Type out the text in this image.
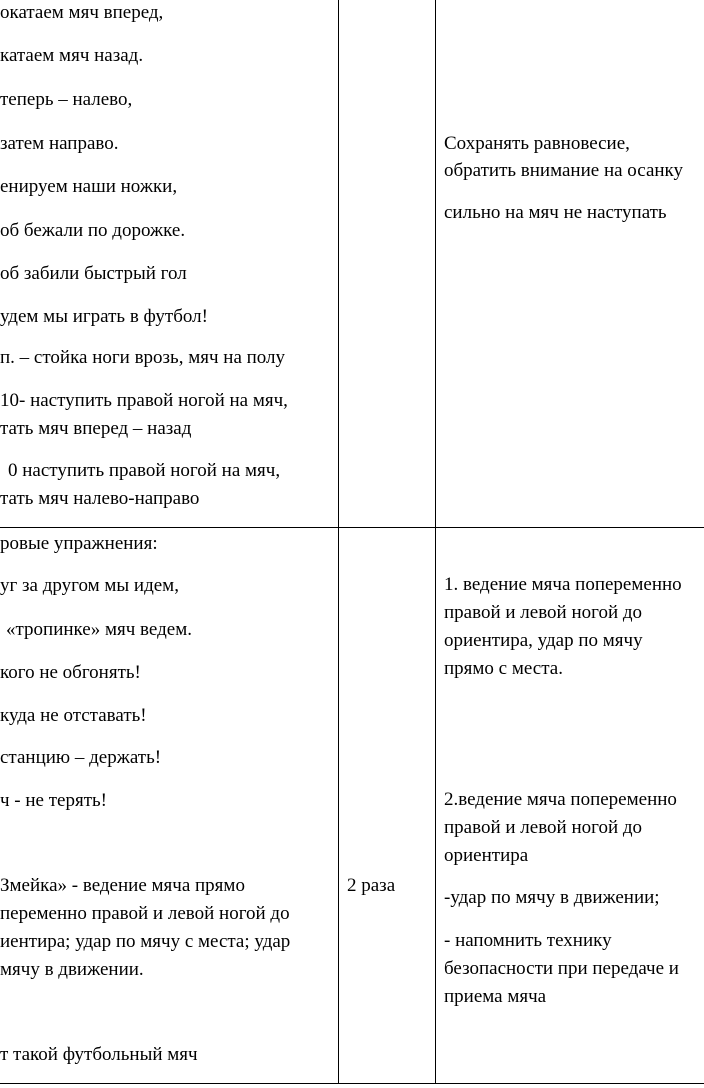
окатаем мяч вперед,
катаем мяч назад.
теперь – налево,
затем направо.
енируем наши ножки,
об бежали по дорожке.
об забили быстрый гол
удем мы играть в футбол!
п. – стойка ноги врозь, мяч на полу
10- наступить правой ногой на мяч,
тать мяч вперед – назад
0 наступить правой ногой на мяч,
тать мяч налево-направо
Сохранять равновесие,
обратить внимание на осанку
сильно на мяч не наступать
ровые упражнения:
уг за другом мы идем,
«тропинке» мяч ведем.
кого не обгонять!
куда не отставать!
станцию – держать!
ч - не терять!
Змейка» - ведение мяча прямо
переменно правой и левой ногой до
иентира; удар по мячу с места; удар
мячу в движении.
т такой футбольный мяч
2 раза
1. ведение мяча попеременно
правой и левой ногой до
ориентира, удар по мячу
прямо с места.
2.ведение мяча попеременно
правой и левой ногой до
ориентира
-удар по мячу в движении;
- напомнить технику
безопасности при передаче и
приема мяча
